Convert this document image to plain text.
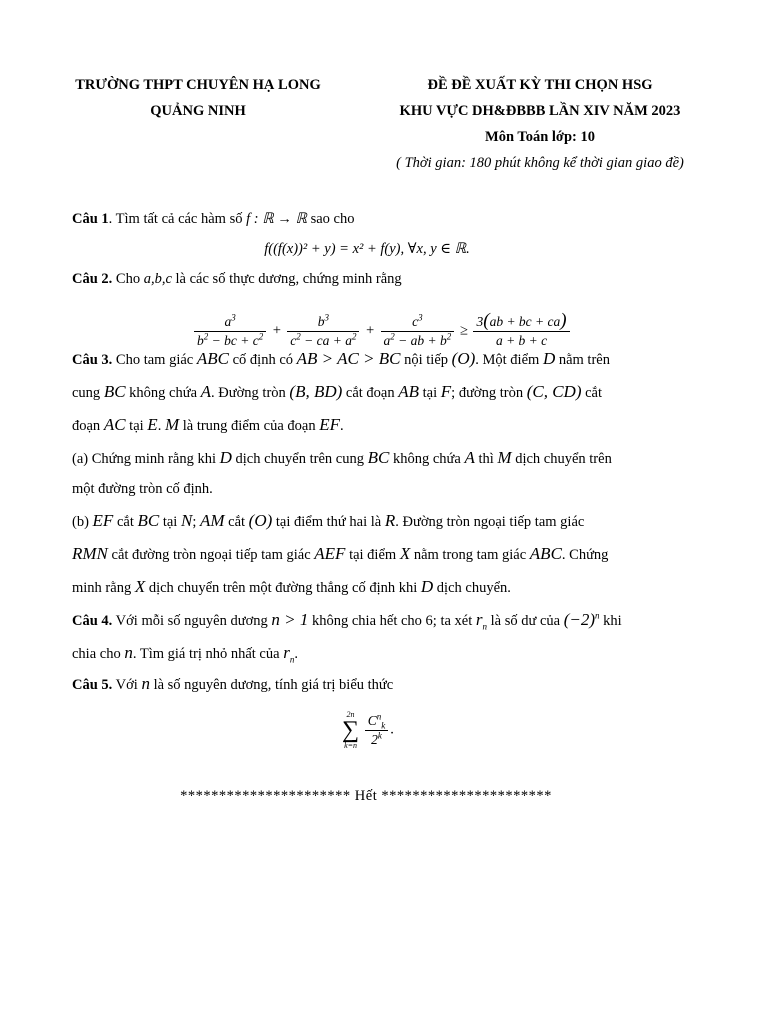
TRƯỜNG THPT CHUYÊN HẠ LONG
QUẢNG NINH
ĐỀ ĐỀ XUẤT KỲ THI CHỌN HSG
KHU VỰC DH&ĐBBB LẦN XIV NĂM 2023
Môn Toán lớp: 10
( Thời gian: 180 phút không kể thời gian giao đề)
Câu 1. Tìm tất cả các hàm số f : ℝ → ℝ sao cho
f((f(x))² + y) = x² + f(y), ∀x, y ∈ ℝ.
Câu 2. Cho a,b,c là các số thực dương, chứng minh rằng
Câu 3. Cho tam giác ABC cố định có AB > AC > BC nội tiếp (O). Một điểm D nằm trên
cung BC không chứa A. Đường tròn (B, BD) cắt đoạn AB tại F; đường tròn (C, CD) cắt
đoạn AC tại E. M là trung điểm của đoạn EF.
(a) Chứng minh rằng khi D dịch chuyển trên cung BC không chứa A thì M dịch chuyển trên
một đường tròn cố định.
(b) EF cắt BC tại N; AM cắt (O) tại điểm thứ hai là R. Đường tròn ngoại tiếp tam giác
RMN cắt đường tròn ngoại tiếp tam giác AEF tại điểm X nằm trong tam giác ABC. Chứng
minh rằng X dịch chuyển trên một đường thẳng cố định khi D dịch chuyển.
Câu 4. Với mỗi số nguyên dương n > 1 không chia hết cho 6; ta xét $r_n$ là số dư của $(-2)^n$ khi
chia cho n. Tìm giá trị nhỏ nhất của $r_n$.
Câu 5. Với n là số nguyên dương, tính giá trị biểu thức
$\frac{a^3}{b^2 - bc + c^2} + \frac{b^3}{c^2 - ca + a^2} + \frac{c^3}{a^2 - ab + b^2} \ge \frac{3(ab + bc + ca)}{a + b + c}$
2n
∑
k=n
$\frac{C^n_k}{2^k}$ .
********************** Hết **********************
